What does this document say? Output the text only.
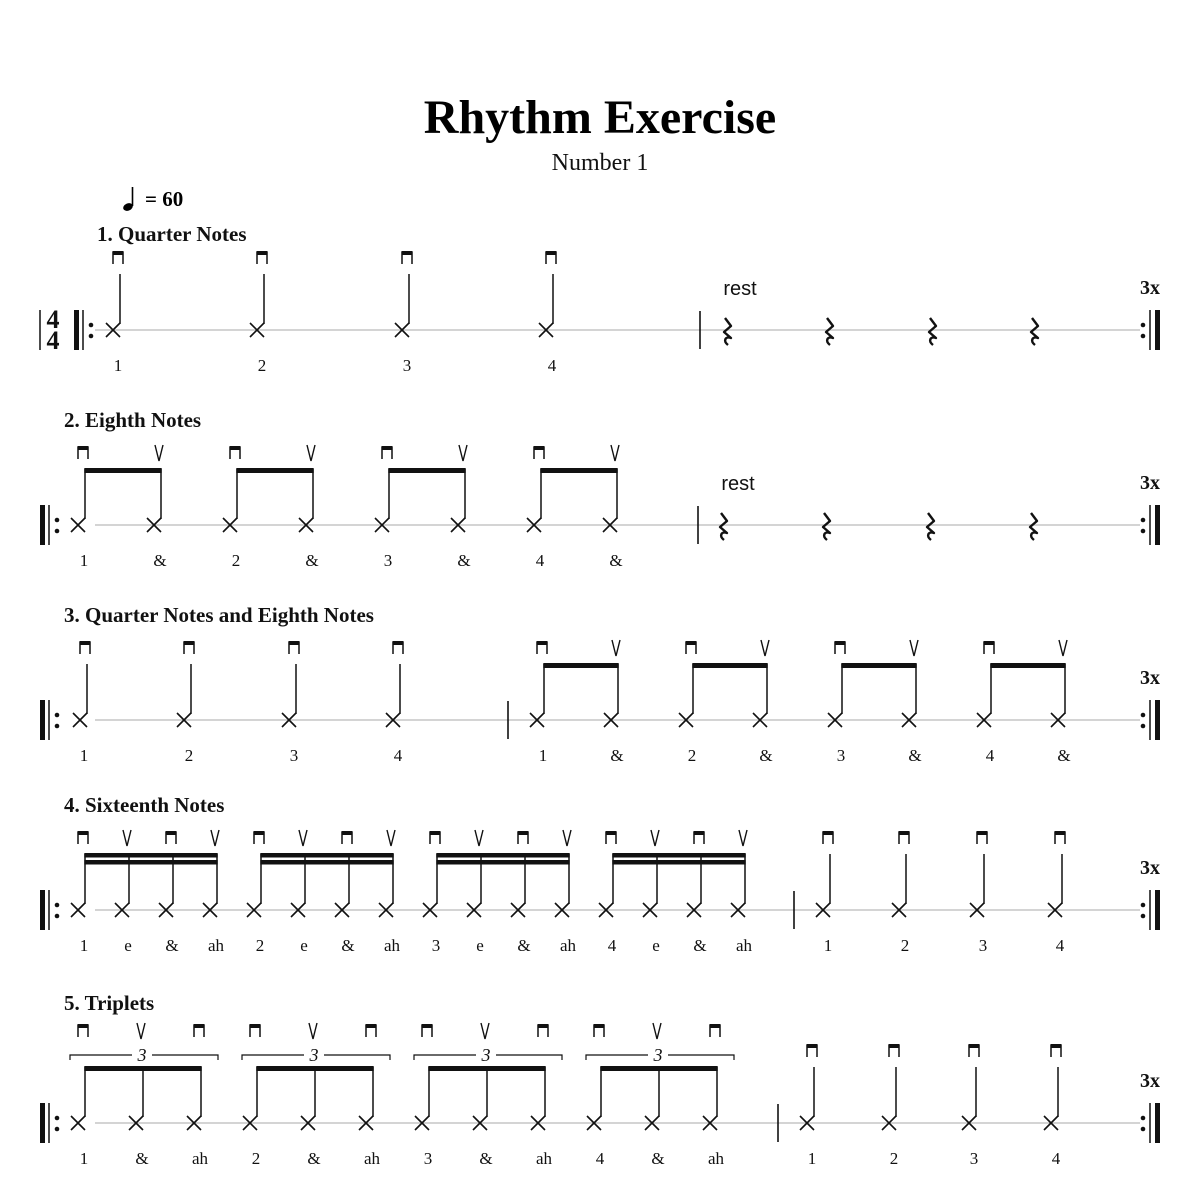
Rhythm Exercise
Number 1
= 60
1. Quarter Notes
4
4
3x
1	2	3	4
rest
2. Eighth Notes
3x
1	&	2	&	3	&	4	&
rest
3. Quarter Notes and Eighth Notes
3x
1	2	3	4	1	&	2	&	3	&	4	&
4. Sixteenth Notes
3x
1 e & ah 2 e & ah 3 e & ah 4 e & ah	1	2	3	4
5. Triplets
3x
1	&	ah
3
2	&	ah
3
3	&	ah
3
4	&	ah
3
1	2	3	4
